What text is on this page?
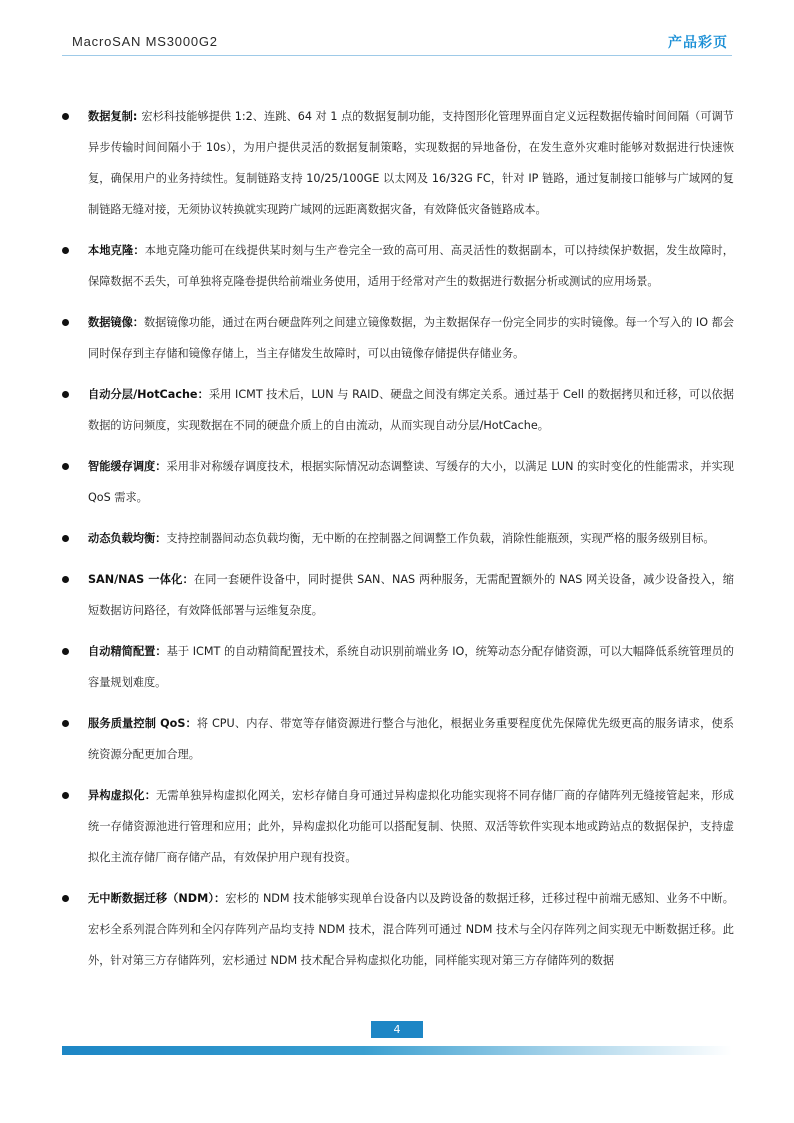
MacroSAN MS3000G2	产品彩页
数据复制: 宏杉科技能够提供 1:2、连跳、64 对 1 点的数据复制功能，支持图形化管理界面自定义远程数据传输时间间隔（可调节异步传输时间间隔小于 10s），为用户提供灵活的数据复制策略，实现数据的异地备份，在发生意外灾难时能够对数据进行快速恢复，确保用户的业务持续性。复制链路支持 10/25/100GE 以太网及 16/32G FC，针对 IP 链路，通过复制接口能够与广域网的复制链路无缝对接，无须协议转换就实现跨广域网的远距离数据灾备，有效降低灾备链路成本。
本地克隆：本地克隆功能可在线提供某时刻与生产卷完全一致的高可用、高灵活性的数据副本，可以持续保护数据，发生故障时，保障数据不丢失，可单独将克隆卷提供给前端业务使用，适用于经常对产生的数据进行数据分析或测试的应用场景。
数据镜像：数据镜像功能，通过在两台硬盘阵列之间建立镜像数据，为主数据保存一份完全同步的实时镜像。每一个写入的 IO 都会同时保存到主存储和镜像存储上，当主存储发生故障时，可以由镜像存储提供存储业务。
自动分层/HotCache：采用 ICMT 技术后，LUN 与 RAID、硬盘之间没有绑定关系。通过基于 Cell 的数据拷贝和迁移，可以依据数据的访问频度，实现数据在不同的硬盘介质上的自由流动，从而实现自动分层/HotCache。
智能缓存调度：采用非对称缓存调度技术，根据实际情况动态调整读、写缓存的大小，以满足 LUN 的实时变化的性能需求，并实现 QoS 需求。
动态负载均衡：支持控制器间动态负载均衡，无中断的在控制器之间调整工作负载，消除性能瓶颈，实现严格的服务级别目标。
SAN/NAS 一体化：在同一套硬件设备中，同时提供 SAN、NAS 两种服务，无需配置额外的 NAS 网关设备，减少设备投入，缩短数据访问路径，有效降低部署与运维复杂度。
自动精简配置：基于 ICMT 的自动精简配置技术，系统自动识别前端业务 IO，统筹动态分配存储资源，可以大幅降低系统管理员的容量规划难度。
服务质量控制 QoS：将 CPU、内存、带宽等存储资源进行整合与池化，根据业务重要程度优先保障优先级更高的服务请求，使系统资源分配更加合理。
异构虚拟化：无需单独异构虚拟化网关，宏杉存储自身可通过异构虚拟化功能实现将不同存储厂商的存储阵列无缝接管起来，形成统一存储资源池进行管理和应用；此外，异构虚拟化功能可以搭配复制、快照、双活等软件实现本地或跨站点的数据保护，支持虚拟化主流存储厂商存储产品，有效保护用户现有投资。
无中断数据迁移（NDM）：宏杉的 NDM 技术能够实现单台设备内以及跨设备的数据迁移，迁移过程中前端无感知、业务不中断。宏杉全系列混合阵列和全闪存阵列产品均支持 NDM 技术，混合阵列可通过 NDM 技术与全闪存阵列之间实现无中断数据迁移。此外，针对第三方存储阵列，宏杉通过 NDM 技术配合异构虚拟化功能，同样能实现对第三方存储阵列的数据
4
